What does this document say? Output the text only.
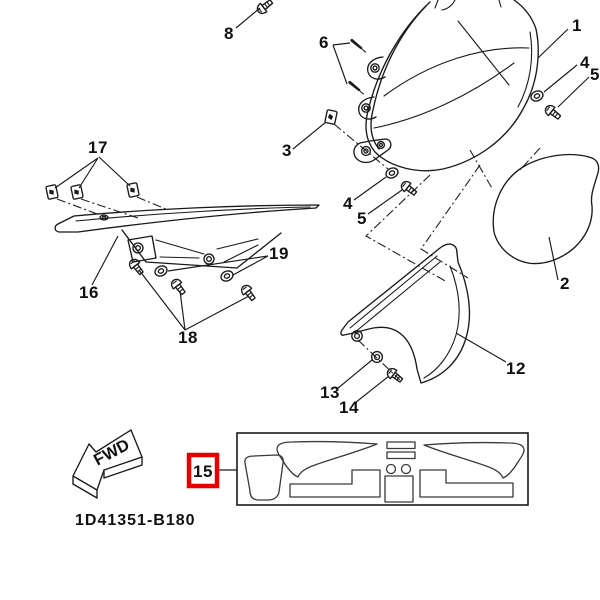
15
FWD
1D41351-B180
1
2
3
4
5
4
5
6
8
12
13
14
16
17
18
19
